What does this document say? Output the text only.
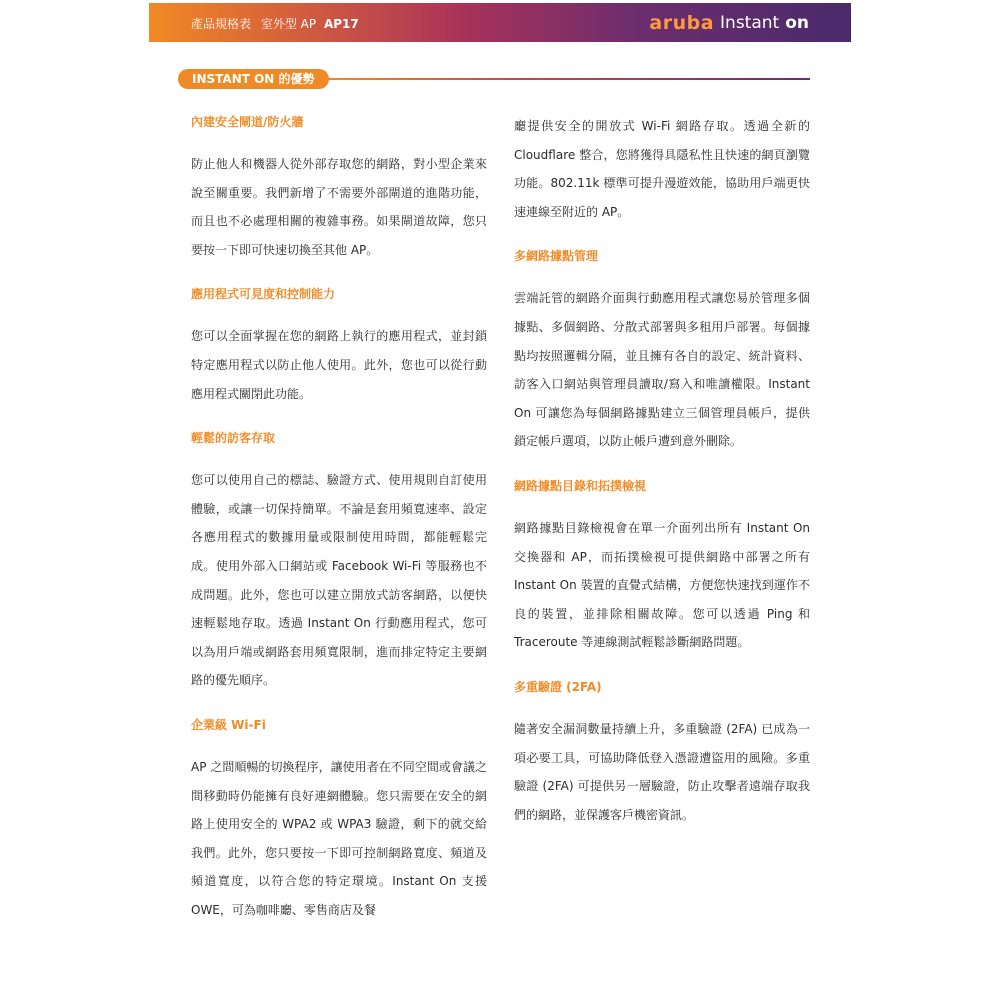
產品規格表 室外型 AP AP17	aruba Instant on
INSTANT ON 的優勢

內建安全閘道/防火牆

防止他人和機器人從外部存取您的網路，對小型企業來說至關重要。我們新增了不需要外部閘道的進階功能，而且也不必處理相關的複雜事務。如果閘道故障，您只要按一下即可快速切換至其他 AP。

應用程式可見度和控制能力

您可以全面掌握在您的網路上執行的應用程式，並封鎖特定應用程式以防止他人使用。此外，您也可以從行動應用程式關閉此功能。

輕鬆的訪客存取

您可以使用自己的標誌、驗證方式、使用規則自訂使用體驗，或讓一切保持簡單。不論是套用頻寬速率、設定各應用程式的數據用量或限制使用時間，都能輕鬆完成。使用外部入口網站或 Facebook Wi-Fi 等服務也不成問題。此外，您也可以建立開放式訪客網路，以便快速輕鬆地存取。透過 Instant On 行動應用程式，您可以為用戶端或網路套用頻寬限制，進而排定特定主要網路的優先順序。

企業級 Wi-Fi

AP 之間順暢的切換程序，讓使用者在不同空間或會議之間移動時仍能擁有良好連網體驗。您只需要在安全的網路上使用安全的 WPA2 或 WPA3 驗證，剩下的就交給我們。此外，您只要按一下即可控制網路寬度、頻道及頻道寬度，以符合您的特定環境。Instant On 支援 OWE，可為咖啡廳、零售商店及餐

廳提供安全的開放式 Wi-Fi 網路存取。透過全新的 Cloudflare 整合，您將獲得具隱私性且快速的網頁瀏覽功能。802.11k 標準可提升漫遊效能，協助用戶端更快速連線至附近的 AP。

多網路據點管理

雲端託管的網路介面與行動應用程式讓您易於管理多個據點、多個網路、分散式部署與多租用戶部署。每個據點均按照邏輯分隔，並且擁有各自的設定、統計資料、訪客入口網站與管理員讀取/寫入和唯讀權限。Instant On 可讓您為每個網路據點建立三個管理員帳戶，提供鎖定帳戶選項，以防止帳戶遭到意外刪除。

網路據點目錄和拓撲檢視

網路據點目錄檢視會在單一介面列出所有 Instant On 交換器和 AP，而拓撲檢視可提供網路中部署之所有 Instant On 裝置的直覺式結構，方便您快速找到運作不良的裝置，並排除相關故障。您可以透過 Ping 和 Traceroute 等連線測試輕鬆診斷網路問題。

多重驗證 (2FA)

隨著安全漏洞數量持續上升，多重驗證 (2FA) 已成為一項必要工具，可協助降低登入憑證遭盜用的風險。多重驗證 (2FA) 可提供另一層驗證，防止攻擊者遠端存取我們的網路，並保護客戶機密資訊。
